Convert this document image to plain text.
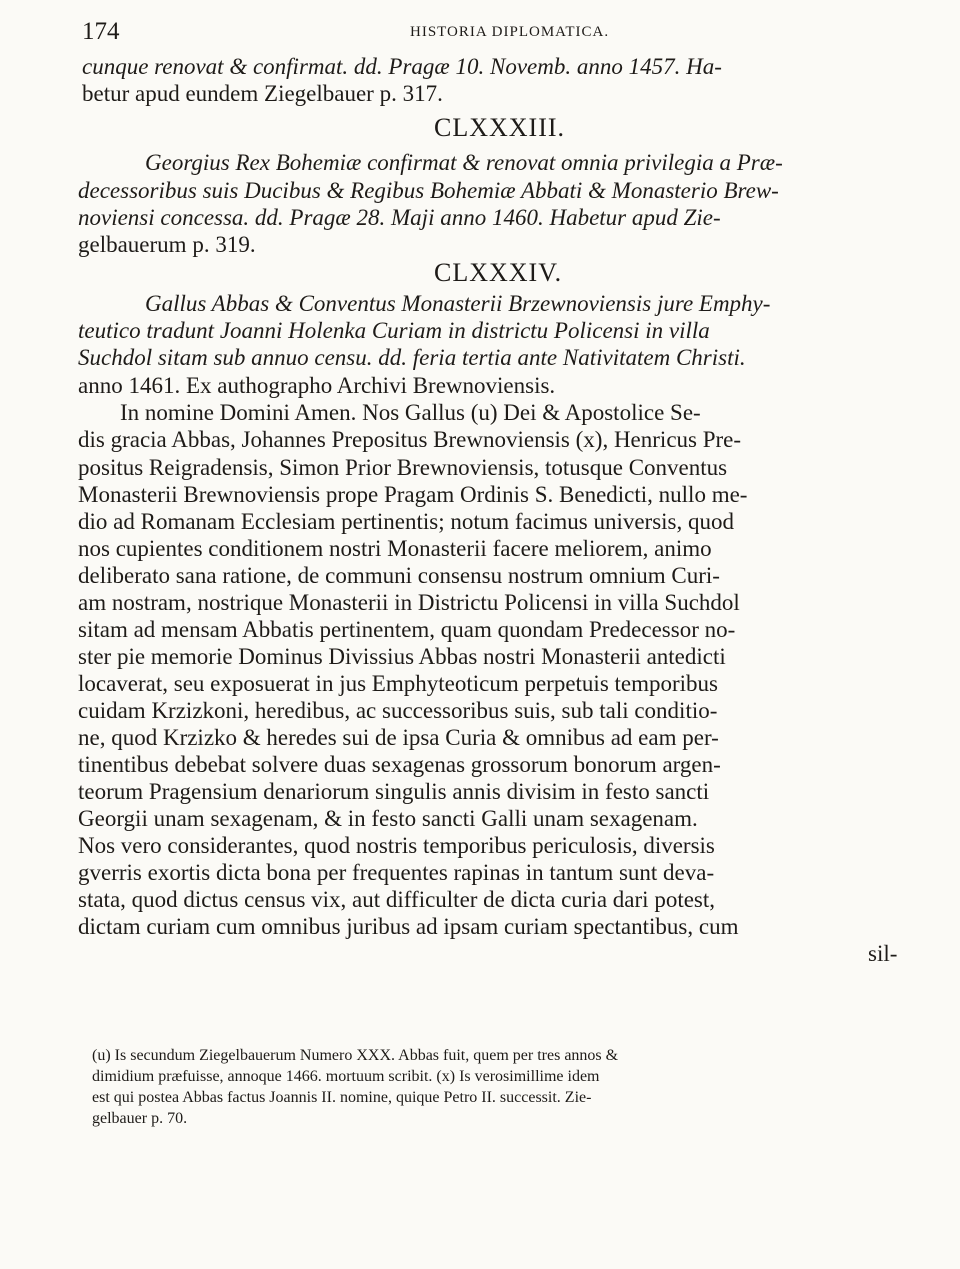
174	HISTORIA DIPLOMATICA.
cunque renovat & confirmat. dd. Pragæ 10. Novemb. anno 1457. Ha-
betur apud eundem Ziegelbauer p. 317.
CLXXXIII.
Georgius Rex Bohemiæ confirmat & renovat omnia privilegia a Præ-
decessoribus suis Ducibus & Regibus Bohemiæ Abbati & Monasterio Brew-
noviensi concessa. dd. Pragæ 28. Maji anno 1460. Habetur apud Zie-
gelbauerum p. 319.
CLXXXIV.
Gallus Abbas & Conventus Monasterii Brzewnoviensis jure Emphy-
teutico tradunt Joanni Holenka Curiam in districtu Policensi in villa
Suchdol sitam sub annuo censu. dd. feria tertia ante Nativitatem Christi.
anno 1461. Ex authographo Archivi Brewnoviensis.
In nomine Domini Amen. Nos Gallus (u) Dei & Apostolice Se-
dis gracia Abbas, Johannes Prepositus Brewnoviensis (x), Henricus Pre-
positus Reigradensis, Simon Prior Brewnoviensis, totusque Conventus
Monasterii Brewnoviensis prope Pragam Ordinis S. Benedicti, nullo me-
dio ad Romanam Ecclesiam pertinentis; notum facimus universis, quod
nos cupientes conditionem nostri Monasterii facere meliorem, animo
deliberato sana ratione, de communi consensu nostrum omnium Curi-
am nostram, nostrique Monasterii in Districtu Policensi in villa Suchdol
sitam ad mensam Abbatis pertinentem, quam quondam Predecessor no-
ster pie memorie Dominus Divissius Abbas nostri Monasterii antedicti
locaverat, seu exposuerat in jus Emphyteoticum perpetuis temporibus
cuidam Krzizkoni, heredibus, ac successoribus suis, sub tali conditio-
ne, quod Krzizko & heredes sui de ipsa Curia & omnibus ad eam per-
tinentibus debebat solvere duas sexagenas grossorum bonorum argen-
teorum Pragensium denariorum singulis annis divisim in festo sancti
Georgii unam sexagenam, & in festo sancti Galli unam sexagenam.
Nos vero considerantes, quod nostris temporibus periculosis, diversis
gverris exortis dicta bona per frequentes rapinas in tantum sunt deva-
stata, quod dictus census vix, aut difficulter de dicta curia dari potest,
dictam curiam cum omnibus juribus ad ipsam curiam spectantibus, cum
sil-
(u) Is secundum Ziegelbauerum Numero XXX. Abbas fuit, quem per tres annos &
dimidium præfuisse, annoque 1466. mortuum scribit. (x) Is verosimillime idem
est qui postea Abbas factus Joannis II. nomine, quique Petro II. successit. Zie-
gelbauer p. 70.
